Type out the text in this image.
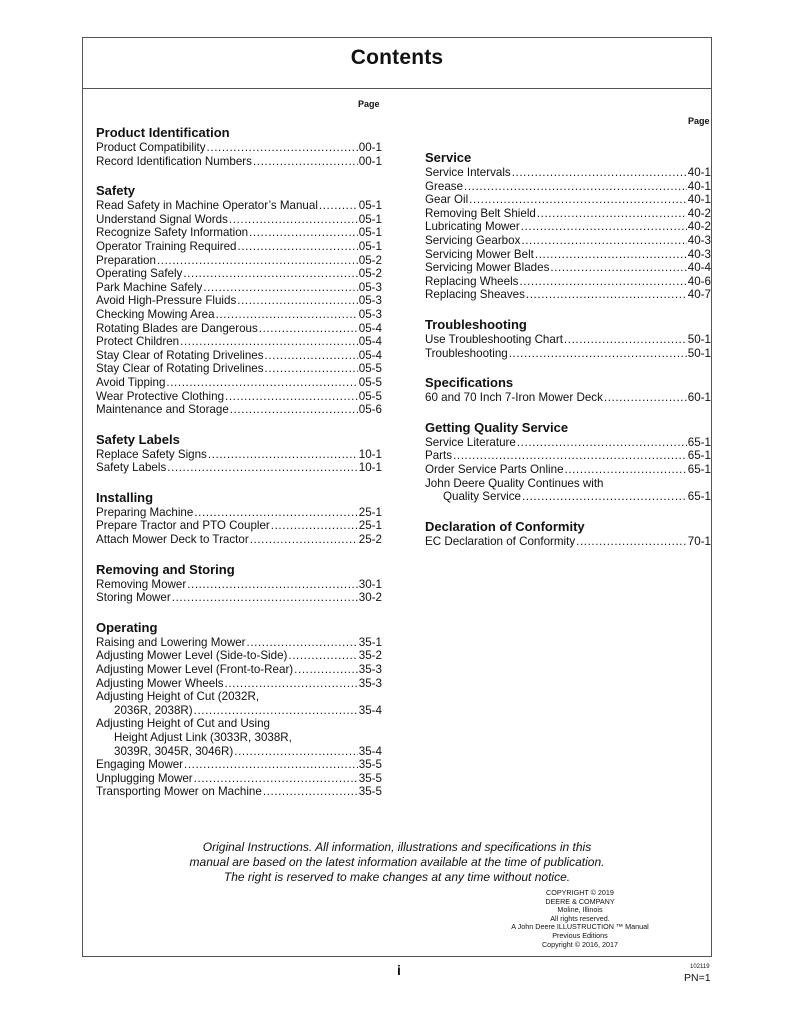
Contents
Page
Page
Product Identification
Product Compatibility .....	00-1
Record Identification Numbers .....	00-1
Safety
Read Safety in Machine Operator’s Manual .....	05-1
Understand Signal Words .....	05-1
Recognize Safety Information .....	05-1
Operator Training Required .....	05-1
Preparation .....	05-2
Operating Safely .....	05-2
Park Machine Safely .....	05-3
Avoid High-Pressure Fluids .....	05-3
Checking Mowing Area .....	05-3
Rotating Blades are Dangerous .....	05-4
Protect Children .....	05-4
Stay Clear of Rotating Drivelines .....	05-4
Stay Clear of Rotating Drivelines .....	05-5
Avoid Tipping .....	05-5
Wear Protective Clothing .....	05-5
Maintenance and Storage .....	05-6
Safety Labels
Replace Safety Signs .....	10-1
Safety Labels .....	10-1
Installing
Preparing Machine .....	25-1
Prepare Tractor and PTO Coupler .....	25-1
Attach Mower Deck to Tractor .....	25-2
Removing and Storing
Removing Mower .....	30-1
Storing Mower .....	30-2
Operating
Raising and Lowering Mower .....	35-1
Adjusting Mower Level (Side-to-Side) .....	35-2
Adjusting Mower Level (Front-to-Rear) .....	35-3
Adjusting Mower Wheels .....	35-3
Adjusting Height of Cut (2032R,
2036R, 2038R) .....	35-4
Adjusting Height of Cut and Using
Height Adjust Link (3033R, 3038R,
3039R, 3045R, 3046R) .....	35-4
Engaging Mower .....	35-5
Unplugging Mower .....	35-5
Transporting Mower on Machine .....	35-5
Service
Service Intervals .....	40-1
Grease .....	40-1
Gear Oil .....	40-1
Removing Belt Shield .....	40-2
Lubricating Mower .....	40-2
Servicing Gearbox .....	40-3
Servicing Mower Belt .....	40-3
Servicing Mower Blades .....	40-4
Replacing Wheels .....	40-6
Replacing Sheaves .....	40-7
Troubleshooting
Use Troubleshooting Chart .....	50-1
Troubleshooting .....	50-1
Specifications
60 and 70 Inch 7-Iron Mower Deck .....	60-1
Getting Quality Service
Service Literature .....	65-1
Parts .....	65-1
Order Service Parts Online .....	65-1
John Deere Quality Continues with
Quality Service .....	65-1
Declaration of Conformity
EC Declaration of Conformity .....	70-1
Original Instructions. All information, illustrations and specifications in this
manual are based on the latest information available at the time of publication.
The right is reserved to make changes at any time without notice.
COPYRIGHT © 2019
DEERE & COMPANY
Moline, Illinois
All rights reserved.
A John Deere ILLUSTRUCTION ™ Manual
Previous Editions
Copyright © 2016, 2017
i	102119
PN=1
